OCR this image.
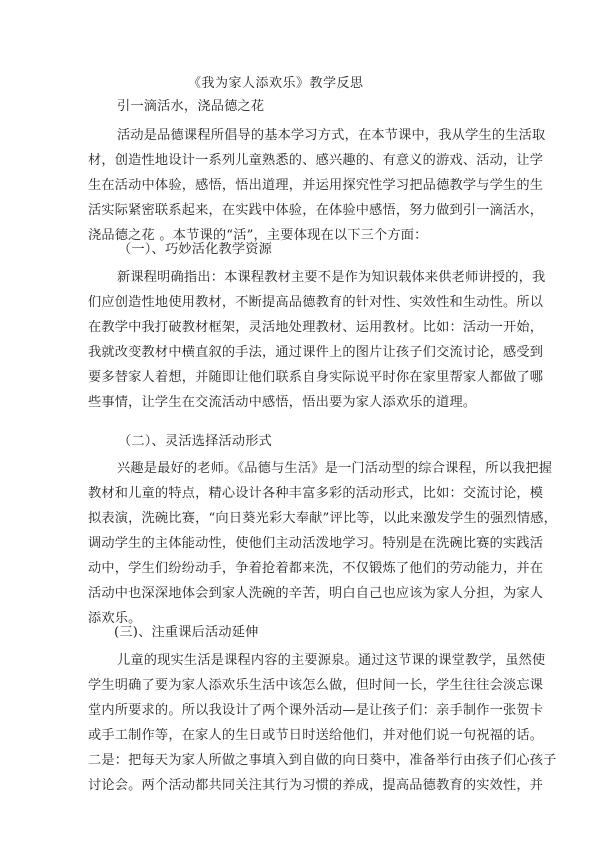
《我为家人添欢乐》教学反思
引一滴活水，浇品德之花
活动是品德课程所倡导的基本学习方式，在本节课中，我从学生的生活取
材，创造性地设计一系列儿童熟悉的、感兴趣的、有意义的游戏、活动，让学
生在活动中体验，感悟，悟出道理，并运用探究性学习把品德教学与学生的生
活实际紧密联系起来，在实践中体验，在体验中感悟，努力做到引一滴活水，
浇品德之花 。本节课的“活”，主要体现在以下三个方面：
（一）、巧妙活化教学资源
新课程明确指出：本课程教材主要不是作为知识载体来供老师讲授的，我
们应创造性地使用教材，不断提高品德教育的针对性、实效性和生动性。所以
在教学中我打破教材框架，灵活地处理教材、运用教材。比如：活动一开始，
我就改变教材中横直叙的手法，通过课件上的图片让孩子们交流讨论，感受到
要多替家人着想，并随即让他们联系自身实际说平时你在家里帮家人都做了哪
些事情，让学生在交流活动中感悟，悟出要为家人添欢乐的道理。
（二）、灵活选择活动形式
兴趣是最好的老师。《品德与生活》是一门活动型的综合课程，所以我把握
教材和儿童的特点，精心设计各种丰富多彩的活动形式，比如：交流讨论，模
拟表演，洗碗比赛，“向日葵光彩大奉献”评比等，以此来激发学生的强烈情感，
调动学生的主体能动性，使他们主动活泼地学习。特别是在洗碗比赛的实践活
动中，学生们纷纷动手，争着抢着都来洗，不仅锻炼了他们的劳动能力，并在
活动中也深深地体会到家人洗碗的辛苦，明白自己也应该为家人分担，为家人
添欢乐。
(三)、注重课后活动延伸
儿童的现实生活是课程内容的主要源泉。通过这节课的课堂教学，虽然使
学生明确了要为家人添欢乐生活中该怎么做，但时间一长，学生往往会淡忘课
堂内所要求的。所以我设计了两个课外活动—是让孩子们：亲手制作一张贺卡
或手工制作等，在家人的生日或节日时送给他们，并对他们说一句祝福的话。
二是：把每天为家人所做之事填入到自做的向日葵中，准备举行由孩子们心孩子
讨论会。两个活动都共同关注其行为习惯的养成，提高品德教育的实效性，并
